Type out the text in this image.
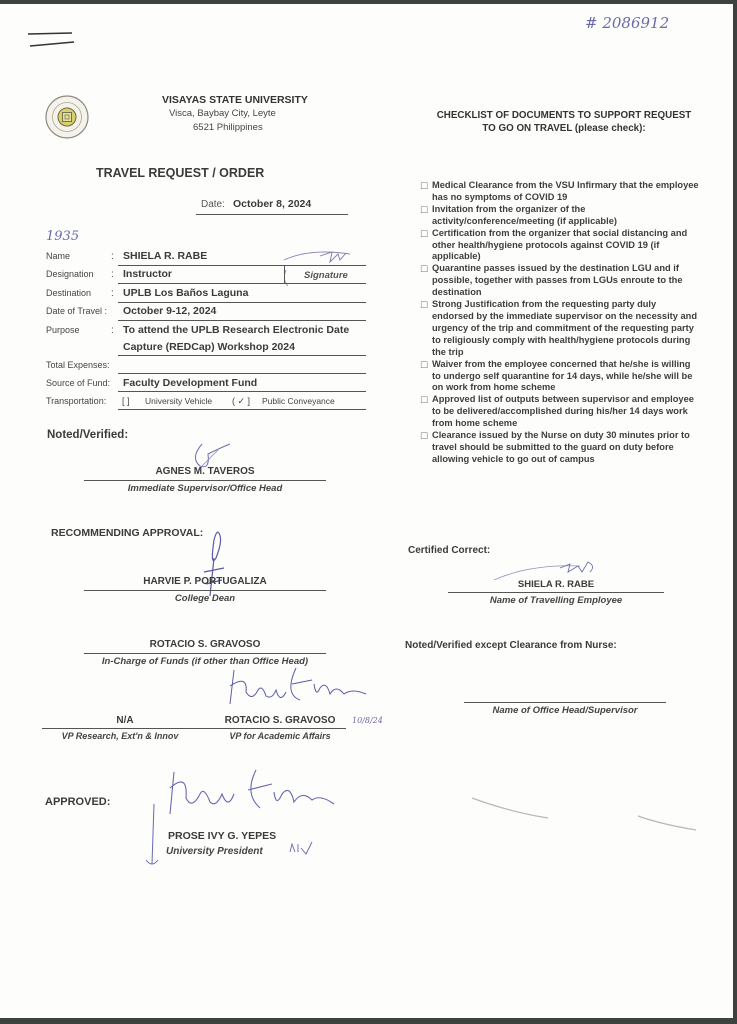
# 2086912
VISAYAS STATE UNIVERSITY
Visca, Baybay City, Leyte
6521 Philippines
CHECKLIST OF DOCUMENTS TO SUPPORT REQUEST
TO GO ON TRAVEL (please check):
TRAVEL REQUEST / ORDER
Date: October 8, 2024
1935
Name	: SHIELA R. RABE
Designation : Instructor	Signature
Destination : UPLB Los Baños Laguna
Date of Travel : October 9-12, 2024
Purpose	: To attend the UPLB Research Electronic Date
Capture (REDCap) Workshop 2024
Total Expenses:
Source of Fund: Faculty Development Fund
Transportation: [ ] University Vehicle ( ✓ ] Public Conveyance
☐ Medical Clearance from the VSU Infirmary that the employee has no symptoms of COVID 19
☐ Invitation from the organizer of the activity/conference/meeting (if applicable)
☐ Certification from the organizer that social distancing and other health/hygiene protocols against COVID 19 (if applicable)
☐ Quarantine passes issued by the destination LGU and if possible, together with passes from LGUs enroute to the destination
☐ Strong Justification from the requesting party duly endorsed by the immediate supervisor on the necessity and urgency of the trip and commitment of the requesting party to religiously comply with health/hygiene protocols during the trip
☐ Waiver from the employee concerned that he/she is willing to undergo self quarantine for 14 days, while he/she will be on work from home scheme
☐ Approved list of outputs between supervisor and employee to be delivered/accomplished during his/her 14 days work from home scheme
☐ Clearance issued by the Nurse on duty 30 minutes prior to travel should be submitted to the guard on duty before allowing vehicle to go out of campus
Noted/Verified:
AGNES M. TAVEROS
Immediate Supervisor/Office Head
RECOMMENDING APPROVAL:
HARVIE P. PORTUGALIZA
College Dean
ROTACIO S. GRAVOSO
In-Charge of Funds (if other than Office Head)
N/A	ROTACIO S. GRAVOSO	10/8/24
VP Research, Ext'n & Innov	VP for Academic Affairs
APPROVED:
PROSE IVY G. YEPES
University President
Certified Correct:
SHIELA R. RABE
Name of Travelling Employee
Noted/Verified except Clearance from Nurse:
Name of Office Head/Supervisor
